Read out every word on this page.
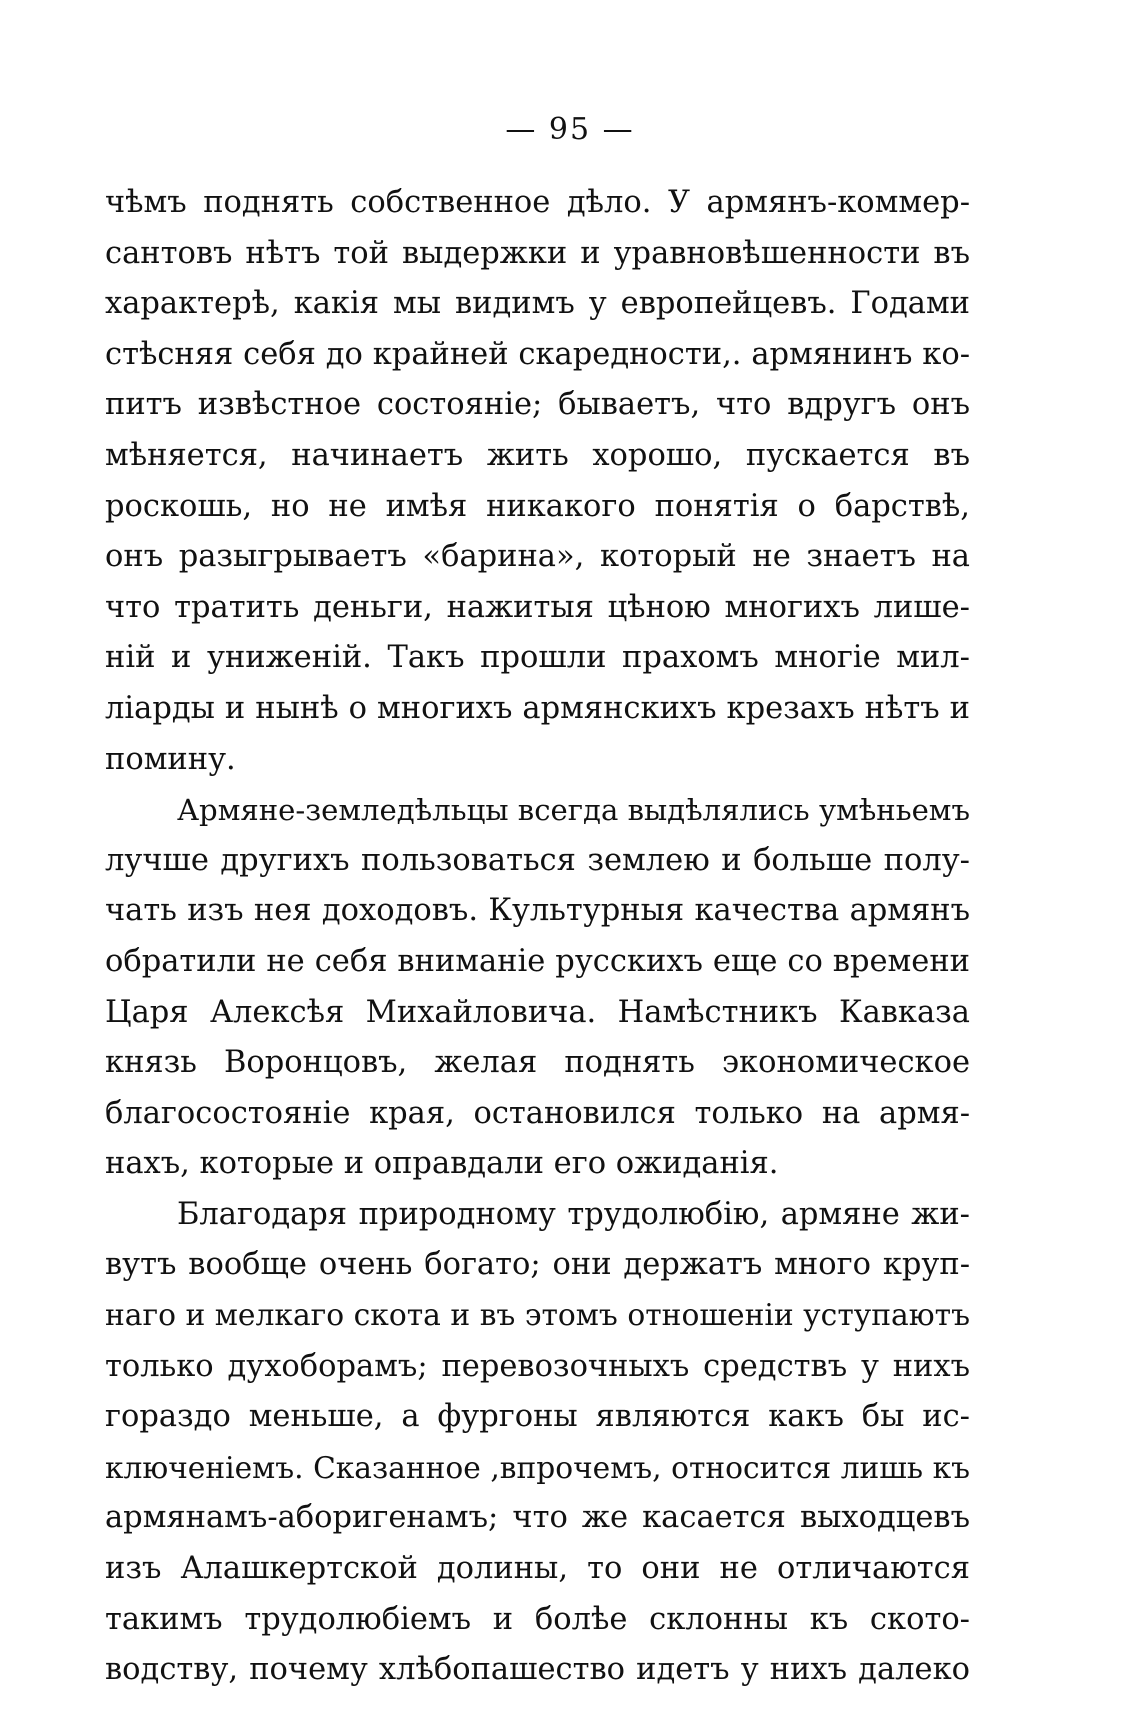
— 95 —
чѣмъ поднять собственное дѣло. У армянъ-коммер-
сантовъ нѣтъ той выдержки и уравновѣшенности въ
характерѣ, какія мы видимъ у европейцевъ. Годами
стѣсняя себя до крайней скаредности,. армянинъ ко-
питъ извѣстное состояніе; бываетъ, что вдругъ онъ
мѣняется, начинаетъ жить хорошо, пускается въ
роскошь, но не имѣя никакого понятія о барствѣ,
онъ разыгрываетъ «барина», который не знаетъ на
что тратить деньги, нажитыя цѣною многихъ лише-
ній и униженій. Такъ прошли прахомъ многіе мил-
ліарды и нынѣ о многихъ армянскихъ крезахъ нѣтъ и
помину.
Армяне-земледѣльцы всегда выдѣлялись умѣньемъ
лучше другихъ пользоваться землею и больше полу-
чать изъ нея доходовъ. Культурныя качества армянъ
обратили не себя вниманіе русскихъ еще со времени
Царя Алексѣя Михайловича. Намѣстникъ Кавказа
князь Воронцовъ, желая поднять экономическое
благосостояніе края, остановился только на армя-
нахъ, которые и оправдали его ожиданія.
Благодаря природному трудолюбію, армяне жи-
вутъ вообще очень богато; они держатъ много круп-
наго и мелкаго скота и въ этомъ отношеніи уступаютъ
только духоборамъ; перевозочныхъ средствъ у нихъ
гораздо меньше, а фургоны являются какъ бы ис-
ключеніемъ. Сказанное ,впрочемъ, относится лишь къ
армянамъ-аборигенамъ; что же касается выходцевъ
изъ Алашкертской долины, то они не отличаются
такимъ трудолюбіемъ и болѣе склонны къ ското-
водству, почему хлѣбопашество идетъ у нихъ далеко
